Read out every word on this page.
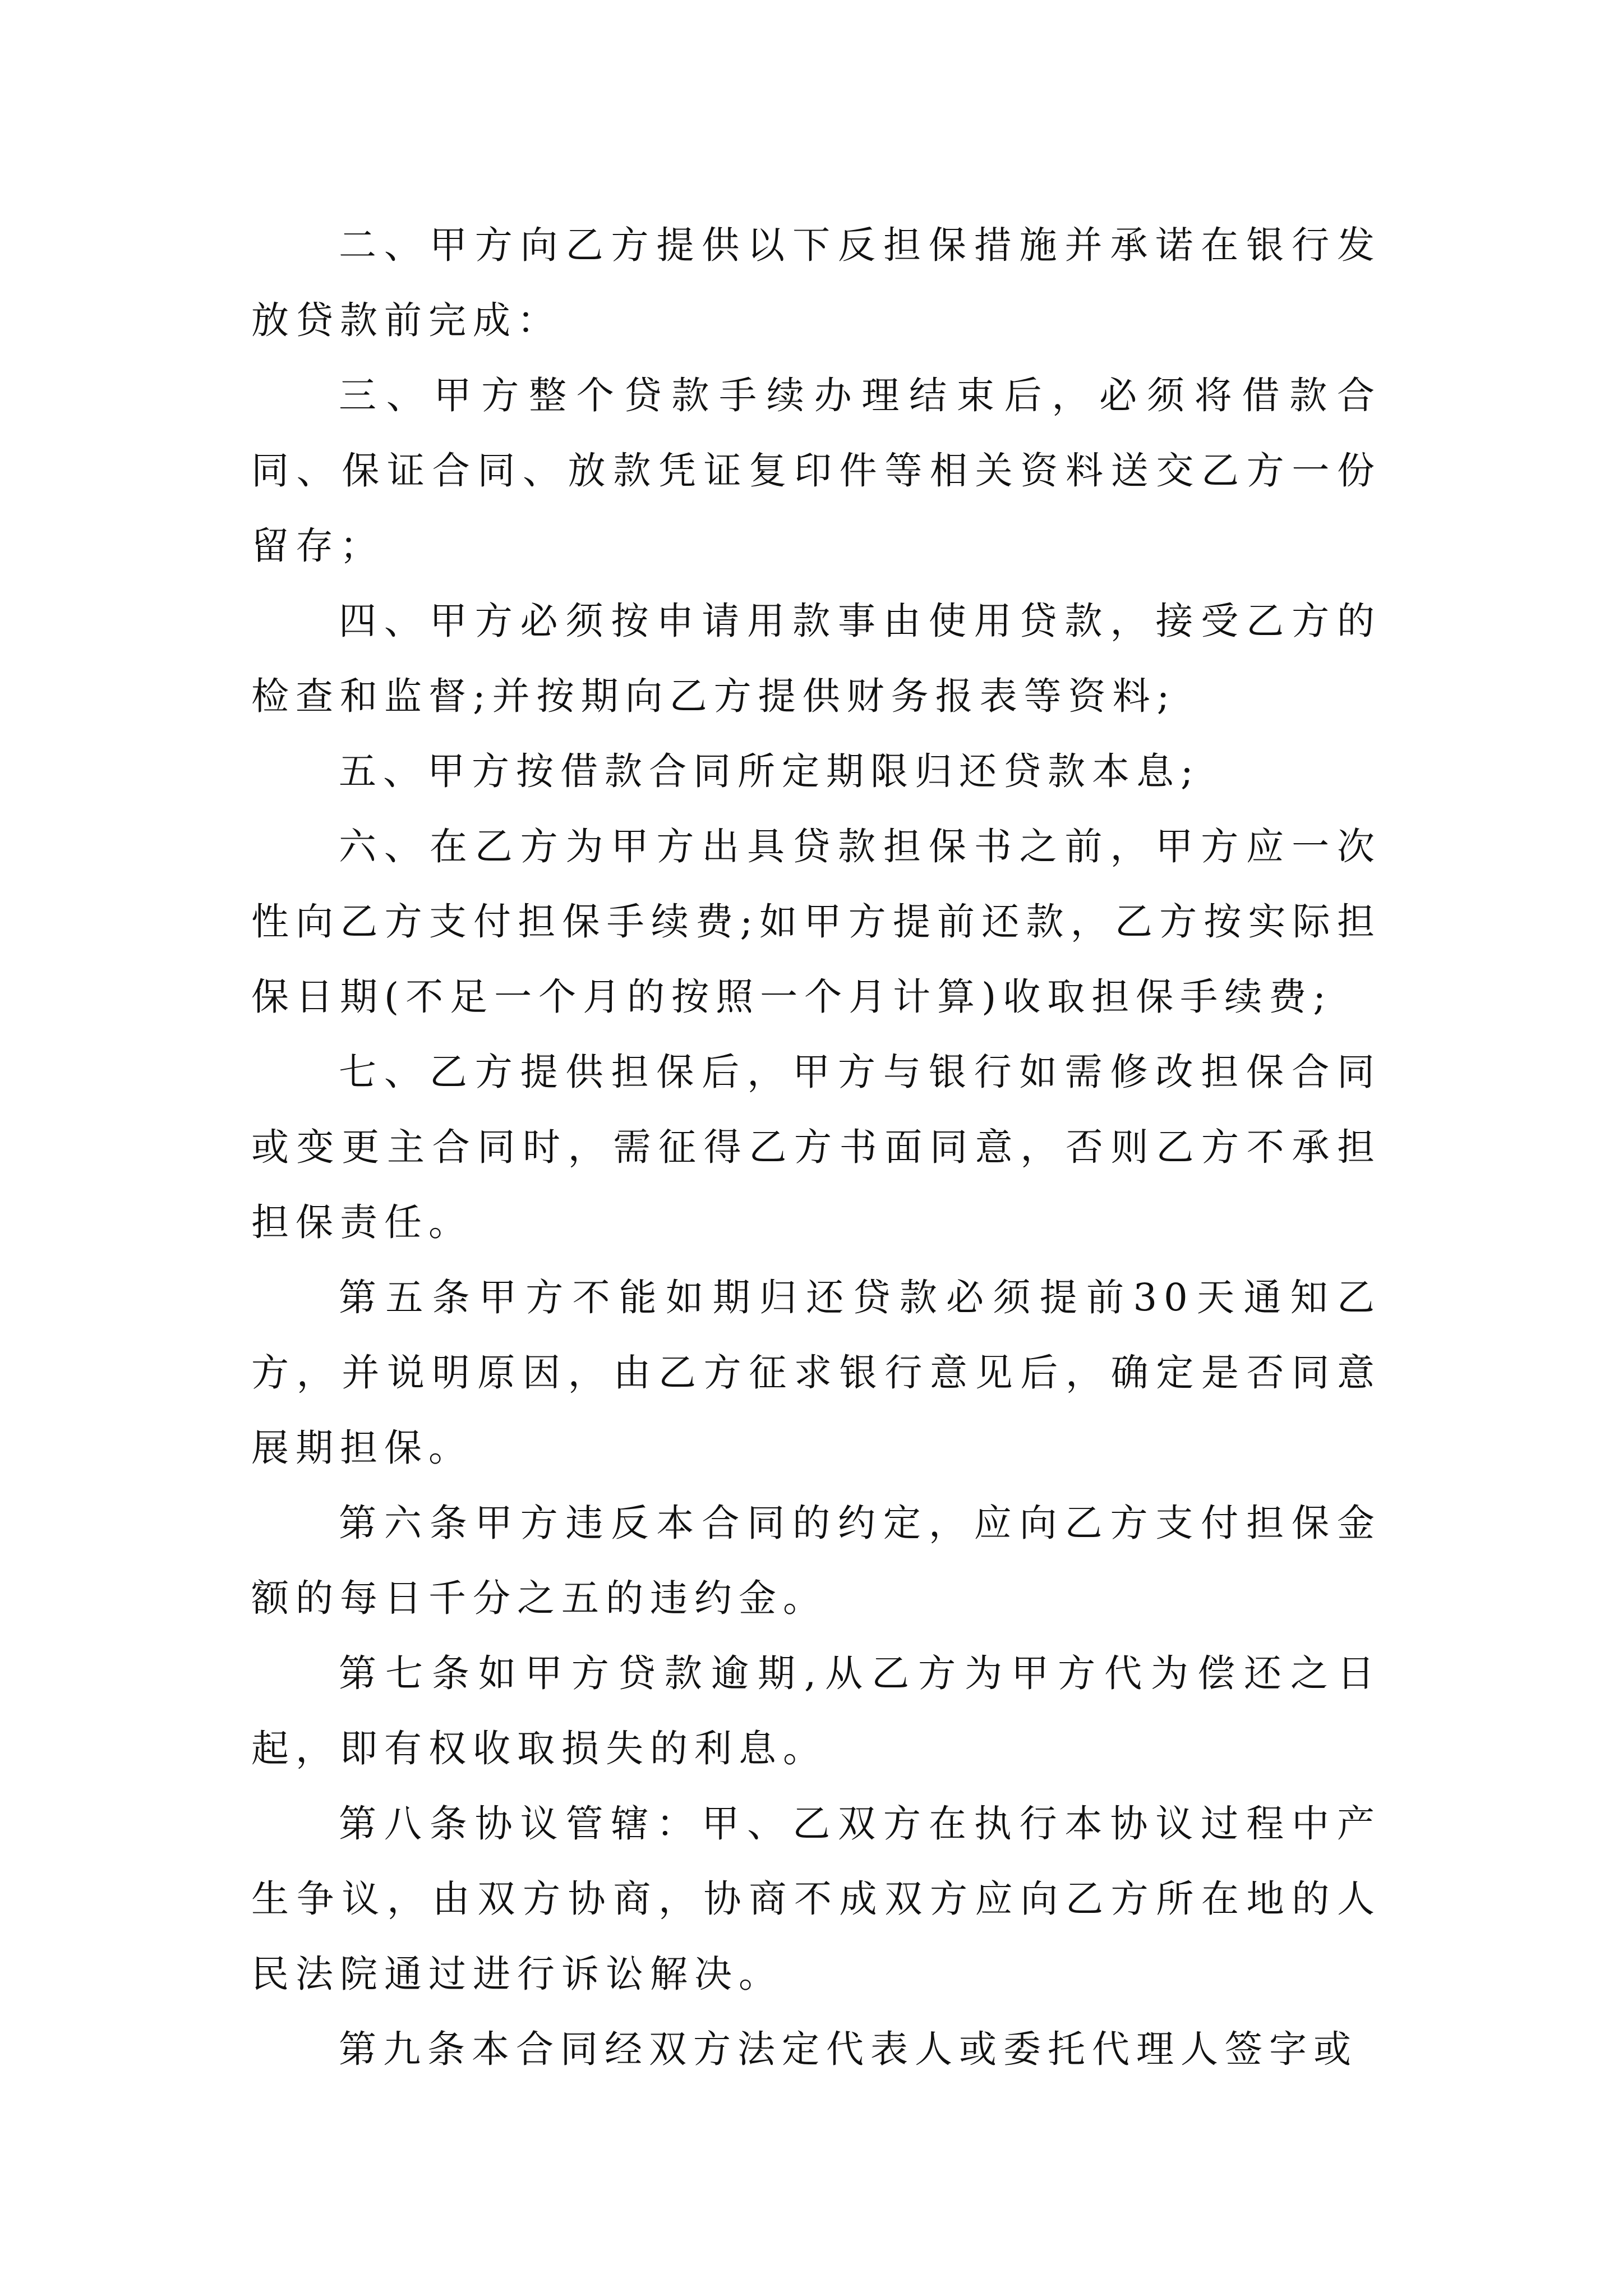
二、甲方向乙方提供以下反担保措施并承诺在银行发放贷款前完成：

三、甲方整个贷款手续办理结束后，必须将借款合同、保证合同、放款凭证复印件等相关资料送交乙方一份留存；

四、甲方必须按申请用款事由使用贷款，接受乙方的检查和监督;并按期向乙方提供财务报表等资料;

五、甲方按借款合同所定期限归还贷款本息;

六、在乙方为甲方出具贷款担保书之前，甲方应一次性向乙方支付担保手续费;如甲方提前还款，乙方按实际担保日期(不足一个月的按照一个月计算)收取担保手续费;

七、乙方提供担保后，甲方与银行如需修改担保合同或变更主合同时，需征得乙方书面同意，否则乙方不承担担保责任。

第五条甲方不能如期归还贷款必须提前30天通知乙方，并说明原因，由乙方征求银行意见后，确定是否同意展期担保。

第六条甲方违反本合同的约定，应向乙方支付担保金额的每日千分之五的违约金。

第七条如甲方贷款逾期,从乙方为甲方代为偿还之日起，即有权收取损失的利息。

第八条协议管辖：甲、乙双方在执行本协议过程中产生争议，由双方协商，协商不成双方应向乙方所在地的人民法院通过进行诉讼解决。

第九条本合同经双方法定代表人或委托代理人签字或
